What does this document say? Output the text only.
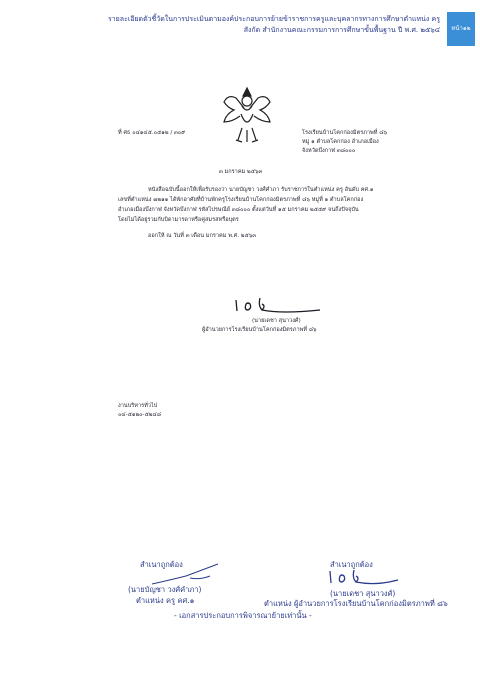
รายละเอียดตัวชี้วัดในการประเมินตามองค์ประกอบการย้ายข้าราชการครูและบุคลากรทางการศึกษาตำแหน่ง ครู
สังกัด สำนักงานคณะกรรมการการศึกษาขั้นพื้นฐาน ปี พ.ศ. ๒๕๖๔	หน้า๑๒
ที่ ศธ ๐๔๑๔๕.๐๕๑๒ / ๓๐๙	โรงเรียนบ้านโคกก่องมิตรภาพที่ ๘๖
หมู่ ๑ ตำบลโคกก่อง อำเภอเมือง
จังหวัดบึงกาฬ ๓๘๐๐๐
๓ มกราคม ๒๕๖๓
หนังสือฉบับนี้ออกให้เพื่อรับรองว่า นายบัญชา วงศ์คำภา รับราชการในตำแหน่ง ครู อันดับ คศ.๑
เลขที่ตำแหน่ง ๗๒๑๑ ได้พักอาศัยที่บ้านพักครูโรงเรียนบ้านโคกก่องมิตรภาพที่ ๘๖ หมู่ที่ ๑ ตำบลโคกก่อง
อำเภอเมืองบึงกาฬ จังหวัดบึงกาฬ รหัสไปรษณีย์ ๓๘๐๐๐ ตั้งแต่วันที่ ๑๕ มกราคม ๒๕๕๙ จนถึงปัจจุบัน
โดยไม่ได้อยู่รวมกับบิดามารดาหรือคู่สมรสหรือบุตร
ออกให้ ณ วันที่ ๓ เดือน มกราคม พ.ศ. ๒๕๖๓
(นายเดชา สุนาวงศ์)
ผู้อำนวยการโรงเรียนบ้านโคกก่องมิตรภาพที่ ๘๖
งานบริหารทั่วไป
๐๔-๕๑๒๐-๕๒๔๘
สำเนาถูกต้อง
(นายบัญชา วงศ์คำภา)
ตำแหน่ง ครู คศ.๑
สำเนาถูกต้อง
(นายเดชา สุนาวงศ์)
ตำแหน่ง ผู้อำนวยการโรงเรียนบ้านโคกก่องมิตรภาพที่ ๘๖
- เอกสารประกอบการพิจารณาย้ายเท่านั้น -
